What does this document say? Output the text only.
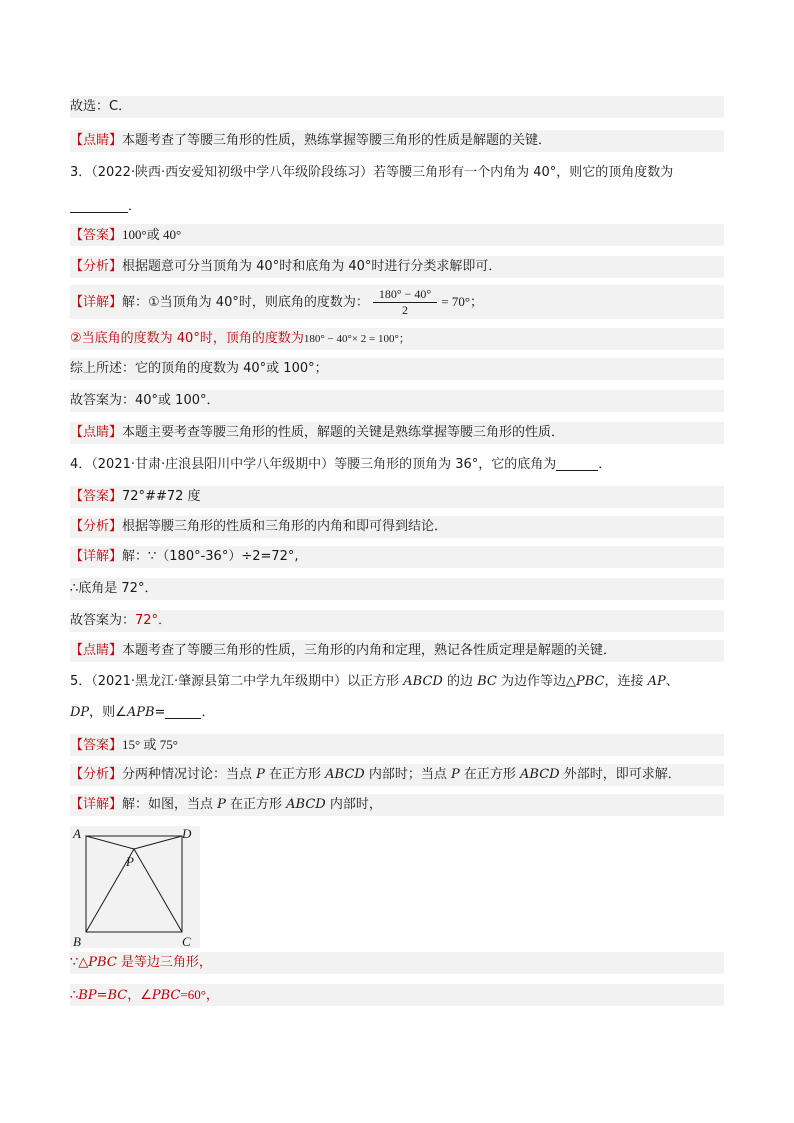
故选：C．
【点睛】本题考查了等腰三角形的性质，熟练掌握等腰三角形的性质是解题的关键．
3．（2022·陕西·西安爱知初级中学八年级阶段练习）若等腰三角形有一个内角为 40°，则它的顶角度数为
．
【答案】100°或 40°
【分析】根据题意可分当顶角为 40°时和底角为 40°时进行分类求解即可．
【详解】解：①当顶角为 40°时，则底角的度数为： $\frac{180^\circ - 40^\circ}{2} = 70^\circ$；
②当底角的度数为 40°时，顶角的度数为180° − 40°× 2 = 100°；
综上所述：它的顶角的度数为 40°或 100°；
故答案为：40°或 100°．
【点睛】本题主要考查等腰三角形的性质，解题的关键是熟练掌握等腰三角形的性质．
4．（2021·甘肃·庄浪县阳川中学八年级期中）等腰三角形的顶角为 36°，它的底角为	．
【答案】72°##72 度
【分析】根据等腰三角形的性质和三角形的内角和即可得到结论．
【详解】解：∵（180°-36°）÷2=72°,
∴底角是 72°．
故答案为：72°．
【点睛】本题考查了等腰三角形的性质，三角形的内角和定理，熟记各性质定理是解题的关键．
5．（2021·黑龙江·肇源县第二中学九年级期中）以正方形 ABCD 的边 BC 为边作等边△PBC，连接 AP、
DP，则∠APB=	．
【答案】15° 或 75°
【分析】分两种情况讨论：当点 P 在正方形 ABCD 内部时；当点 P 在正方形 ABCD 外部时，即可求解．
【详解】解：如图，当点 P 在正方形 ABCD 内部时，
A
B	C
D
P
∵△PBC 是等边三角形，
∴BP=BC，∠PBC=60°，
